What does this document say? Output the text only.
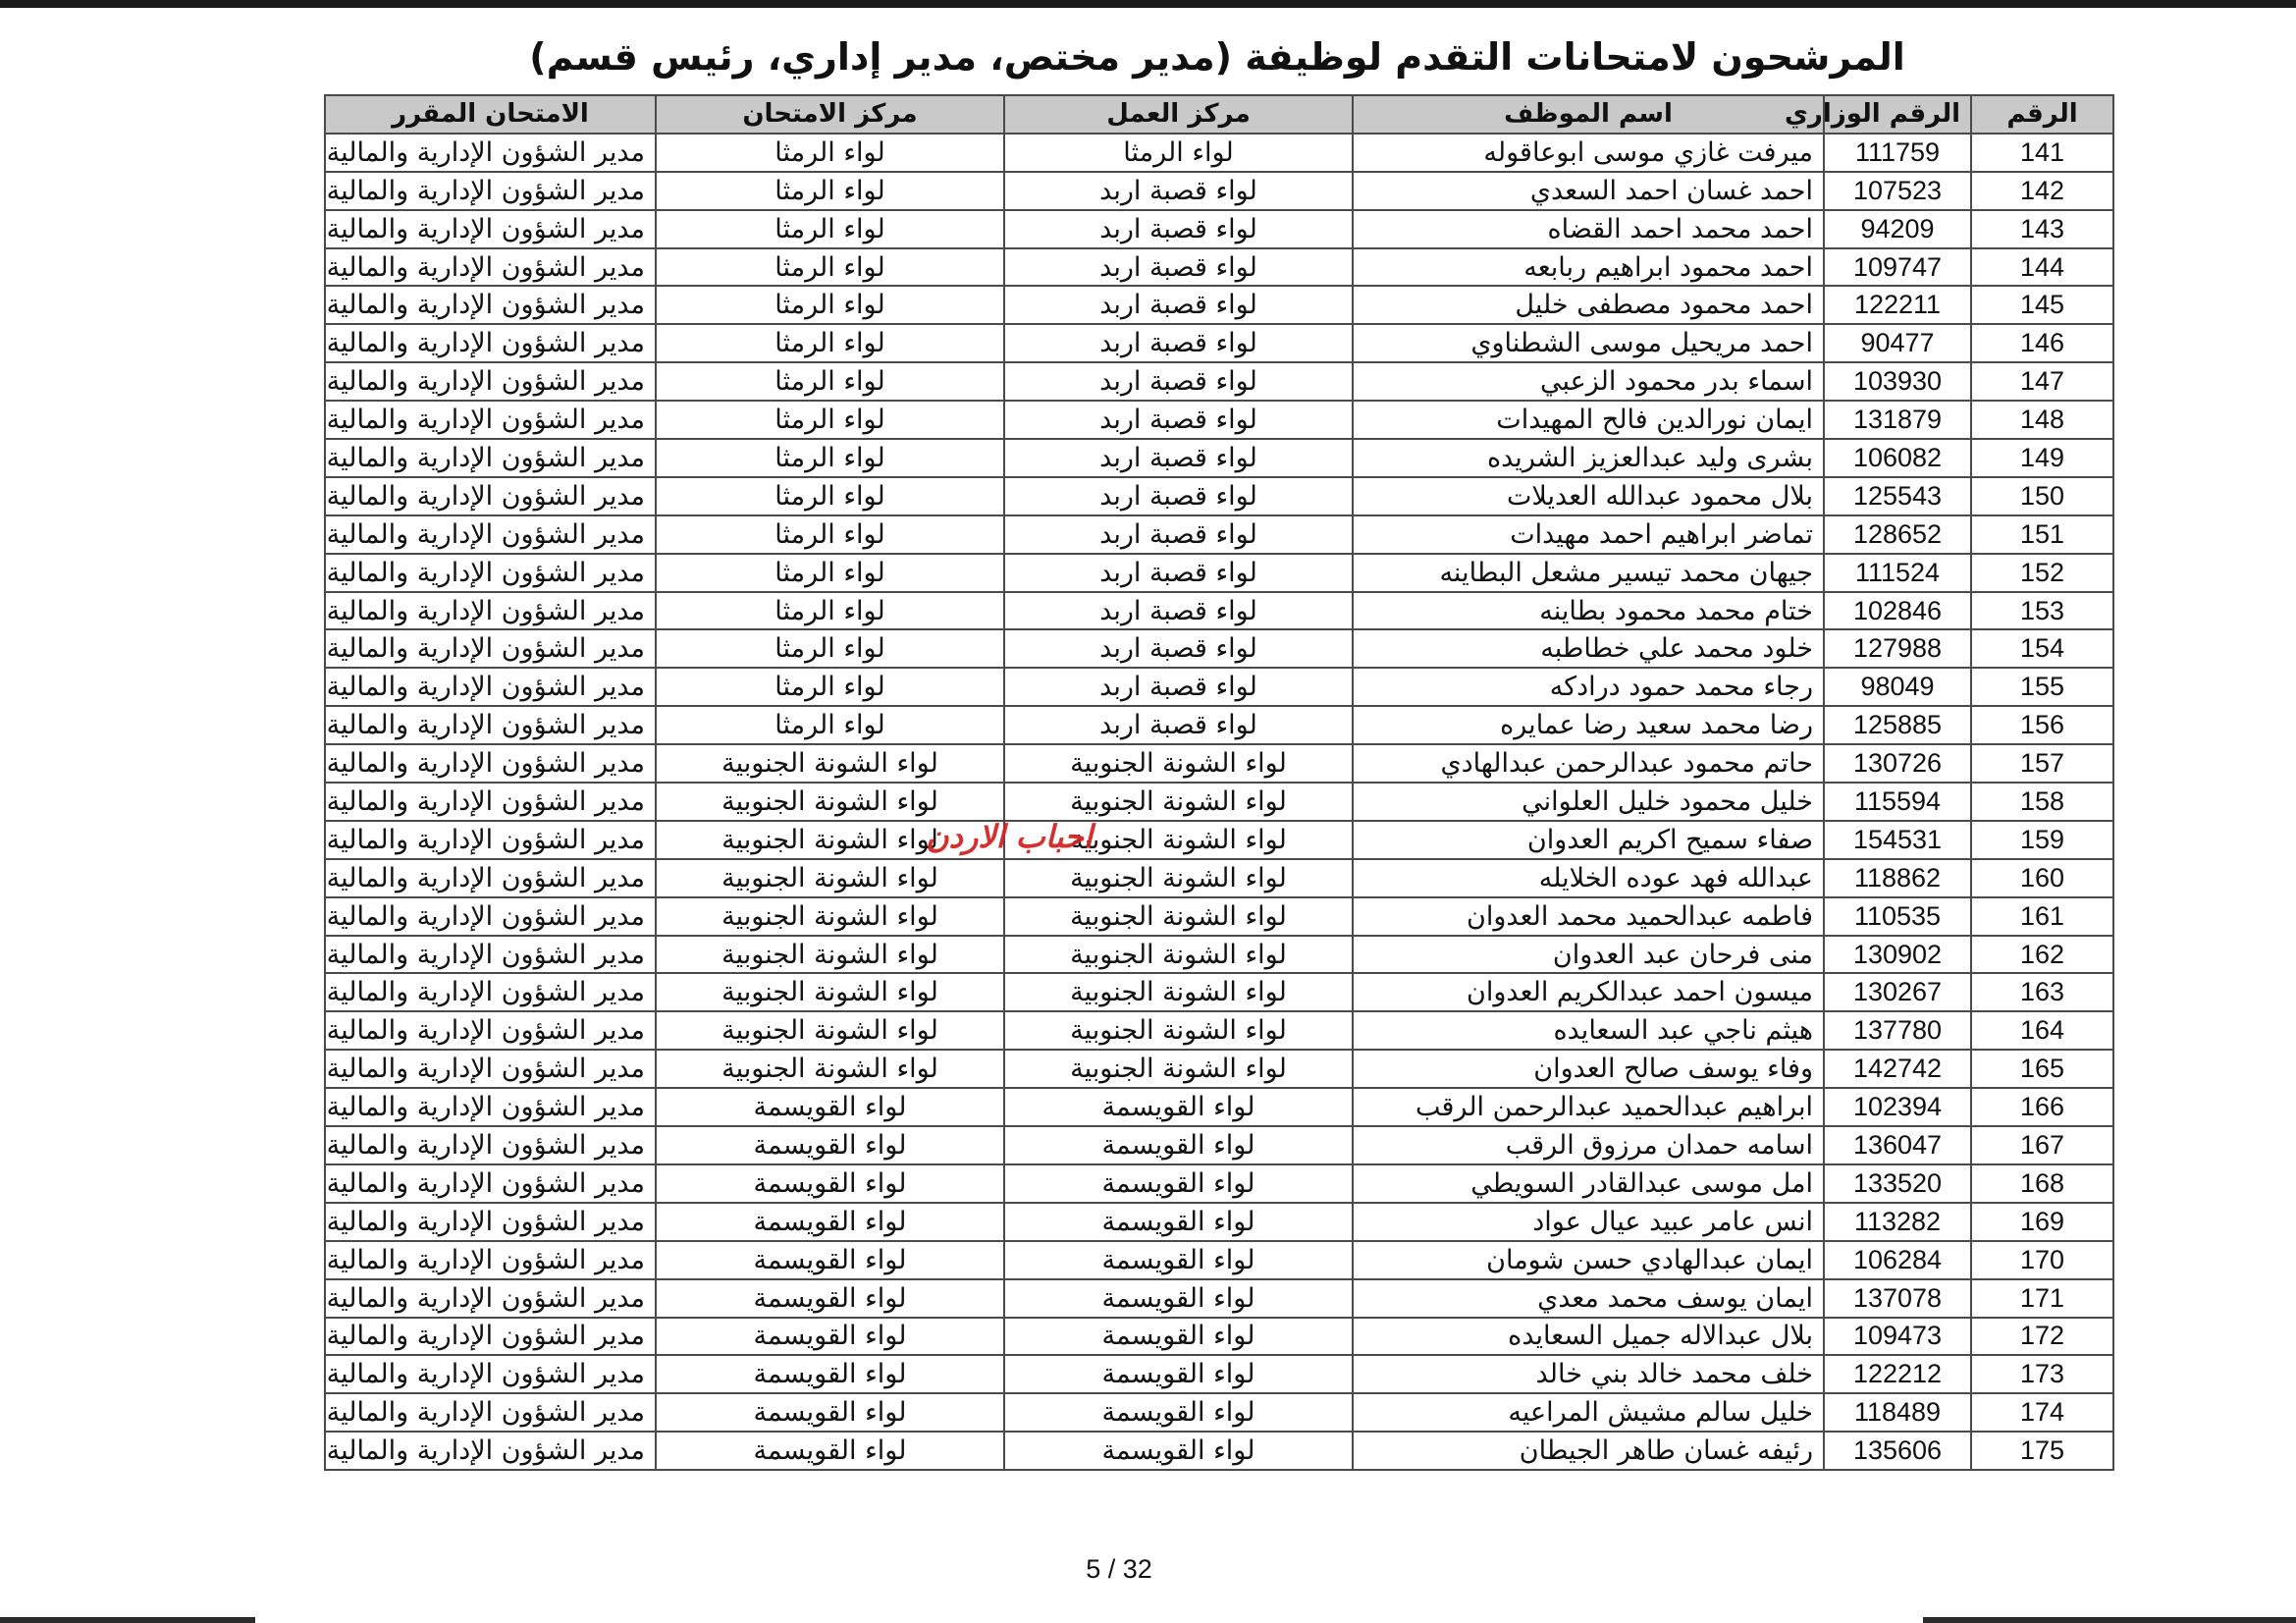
المرشحون لامتحانات التقدم لوظيفة (مدير مختص، مدير إداري، رئيس قسم)
الرقم	الرقم الوزاري	اسم الموظف	مركز العمل	مركز الامتحان	الامتحان المقرر
141	111759	ميرفت غازي موسى ابوعاقوله	لواء الرمثا	لواء الرمثا	مدير الشؤون الإدارية والمالية
142	107523	احمد غسان احمد السعدي	لواء قصبة اربد	لواء الرمثا	مدير الشؤون الإدارية والمالية
143	94209	احمد محمد احمد القضاه	لواء قصبة اربد	لواء الرمثا	مدير الشؤون الإدارية والمالية
144	109747	احمد محمود ابراهيم ربابعه	لواء قصبة اربد	لواء الرمثا	مدير الشؤون الإدارية والمالية
145	122211	احمد محمود مصطفى خليل	لواء قصبة اربد	لواء الرمثا	مدير الشؤون الإدارية والمالية
146	90477	احمد مريحيل موسى الشطناوي	لواء قصبة اربد	لواء الرمثا	مدير الشؤون الإدارية والمالية
147	103930	اسماء بدر محمود الزعبي	لواء قصبة اربد	لواء الرمثا	مدير الشؤون الإدارية والمالية
148	131879	ايمان نورالدين فالح المهيدات	لواء قصبة اربد	لواء الرمثا	مدير الشؤون الإدارية والمالية
149	106082	بشرى وليد عبدالعزيز الشريده	لواء قصبة اربد	لواء الرمثا	مدير الشؤون الإدارية والمالية
150	125543	بلال محمود عبدالله العديلات	لواء قصبة اربد	لواء الرمثا	مدير الشؤون الإدارية والمالية
151	128652	تماضر ابراهيم احمد مهيدات	لواء قصبة اربد	لواء الرمثا	مدير الشؤون الإدارية والمالية
152	111524	جيهان محمد تيسير مشعل البطاينه	لواء قصبة اربد	لواء الرمثا	مدير الشؤون الإدارية والمالية
153	102846	ختام محمد محمود بطاينه	لواء قصبة اربد	لواء الرمثا	مدير الشؤون الإدارية والمالية
154	127988	خلود محمد علي خطاطبه	لواء قصبة اربد	لواء الرمثا	مدير الشؤون الإدارية والمالية
155	98049	رجاء محمد حمود درادكه	لواء قصبة اربد	لواء الرمثا	مدير الشؤون الإدارية والمالية
156	125885	رضا محمد سعيد رضا عمايره	لواء قصبة اربد	لواء الرمثا	مدير الشؤون الإدارية والمالية
157	130726	حاتم محمود عبدالرحمن عبدالهادي	لواء الشونة الجنوبية	لواء الشونة الجنوبية	مدير الشؤون الإدارية والمالية
158	115594	خليل محمود خليل العلواني	لواء الشونة الجنوبية	لواء الشونة الجنوبية	مدير الشؤون الإدارية والمالية
159	154531	صفاء سميح اكريم العدوان	لواء الشونة الجنوبية	لواء الشونة الجنوبية	مدير الشؤون الإدارية والمالية
160	118862	عبدالله فهد عوده الخلايله	لواء الشونة الجنوبية	لواء الشونة الجنوبية	مدير الشؤون الإدارية والمالية
161	110535	فاطمه عبدالحميد محمد العدوان	لواء الشونة الجنوبية	لواء الشونة الجنوبية	مدير الشؤون الإدارية والمالية
162	130902	منى فرحان عبد العدوان	لواء الشونة الجنوبية	لواء الشونة الجنوبية	مدير الشؤون الإدارية والمالية
163	130267	ميسون احمد عبدالكريم العدوان	لواء الشونة الجنوبية	لواء الشونة الجنوبية	مدير الشؤون الإدارية والمالية
164	137780	هيثم ناجي عبد السعايده	لواء الشونة الجنوبية	لواء الشونة الجنوبية	مدير الشؤون الإدارية والمالية
165	142742	وفاء يوسف صالح العدوان	لواء الشونة الجنوبية	لواء الشونة الجنوبية	مدير الشؤون الإدارية والمالية
166	102394	ابراهيم عبدالحميد عبدالرحمن الرقب	لواء القويسمة	لواء القويسمة	مدير الشؤون الإدارية والمالية
167	136047	اسامه حمدان مرزوق الرقب	لواء القويسمة	لواء القويسمة	مدير الشؤون الإدارية والمالية
168	133520	امل موسى عبدالقادر السويطي	لواء القويسمة	لواء القويسمة	مدير الشؤون الإدارية والمالية
169	113282	انس عامر عبيد عيال عواد	لواء القويسمة	لواء القويسمة	مدير الشؤون الإدارية والمالية
170	106284	ايمان عبدالهادي حسن شومان	لواء القويسمة	لواء القويسمة	مدير الشؤون الإدارية والمالية
171	137078	ايمان يوسف محمد معدي	لواء القويسمة	لواء القويسمة	مدير الشؤون الإدارية والمالية
172	109473	بلال عبدالاله جميل السعايده	لواء القويسمة	لواء القويسمة	مدير الشؤون الإدارية والمالية
173	122212	خلف محمد خالد بني خالد	لواء القويسمة	لواء القويسمة	مدير الشؤون الإدارية والمالية
174	118489	خليل سالم مشيش المراعيه	لواء القويسمة	لواء القويسمة	مدير الشؤون الإدارية والمالية
175	135606	رئيفه غسان طاهر الجيطان	لواء القويسمة	لواء القويسمة	مدير الشؤون الإدارية والمالية
احباب الاردن
5 / 32
